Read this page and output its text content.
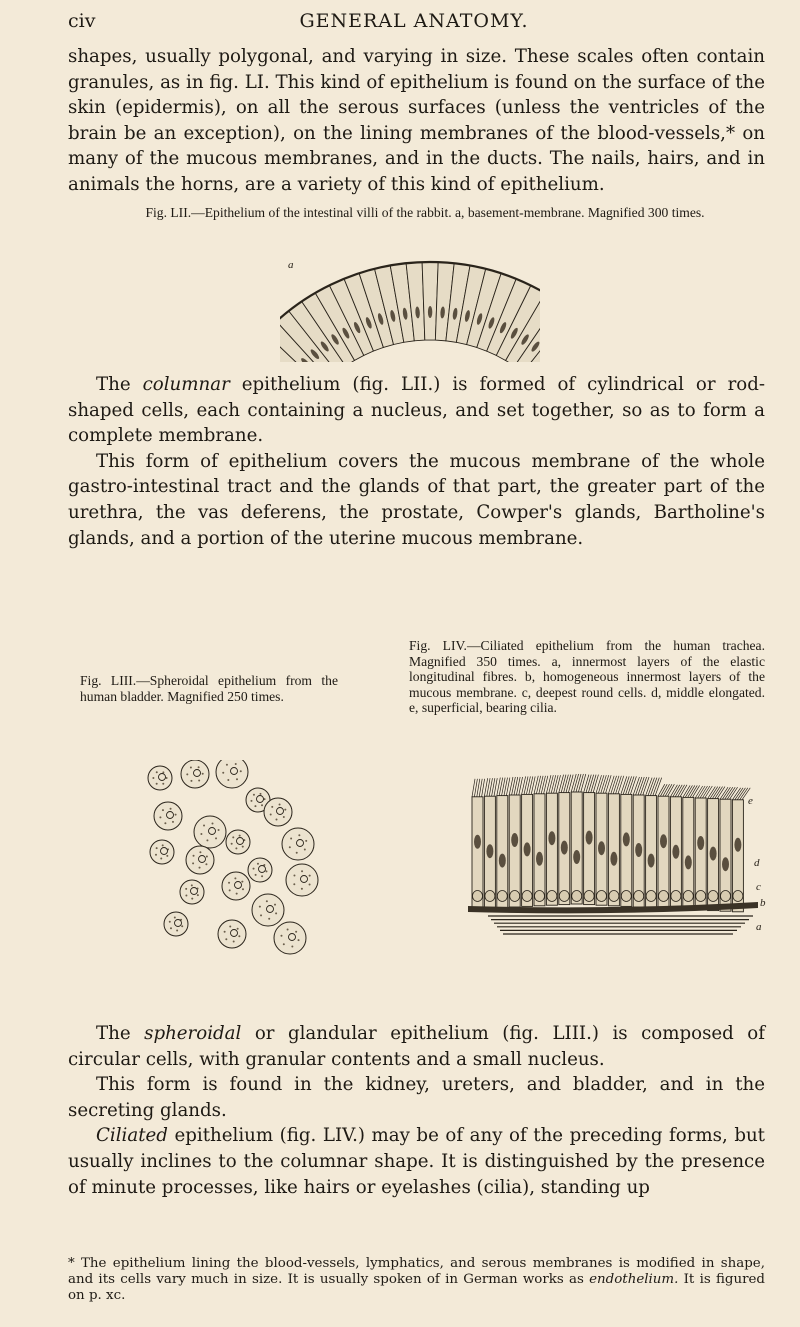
civ	GENERAL ANATOMY.

shapes, usually polygonal, and varying in size. These scales often contain granules, as in fig. LI. This kind of epithelium is found on the surface of the skin (epidermis), on all the serous surfaces (unless the ventricles of the brain be an exception), on the lining membranes of the blood-vessels,* on many of the mucous membranes, and in the ducts. The nails, hairs, and in animals the horns, are a variety of this kind of epithelium.

Fig. LII.—Epithelium of the intestinal villi of the rabbit. a, basement-membrane. Magnified 300 times.

a

The columnar epithelium (fig. LII.) is formed of cylindrical or rod-shaped cells, each containing a nucleus, and set together, so as to form a complete membrane.

This form of epithelium covers the mucous membrane of the whole gastro-intestinal tract and the glands of that part, the greater part of the urethra, the vas deferens, the prostate, Cowper's glands, Bartholine's glands, and a portion of the uterine mucous membrane.

Fig. LIII.—Spheroidal epithelium from the human bladder. Magnified 250 times.

Fig. LIV.—Ciliated epithelium from the human trachea. Magnified 350 times. a, innermost layers of the elastic longitudinal fibres. b, homogeneous innermost layers of the mucous membrane. c, deepest round cells. d, middle elongated. e, superficial, bearing cilia.

e
d
c
b
a

The spheroidal or glandular epithelium (fig. LIII.) is composed of circular cells, with granular contents and a small nucleus.

This form is found in the kidney, ureters, and bladder, and in the secreting glands.

Ciliated epithelium (fig. LIV.) may be of any of the preceding forms, but usually inclines to the columnar shape. It is distinguished by the presence of minute processes, like hairs or eyelashes (cilia), standing up

* The epithelium lining the blood-vessels, lymphatics, and serous membranes is modified in shape, and its cells vary much in size. It is usually spoken of in German works as endothelium. It is figured on p. xc.
